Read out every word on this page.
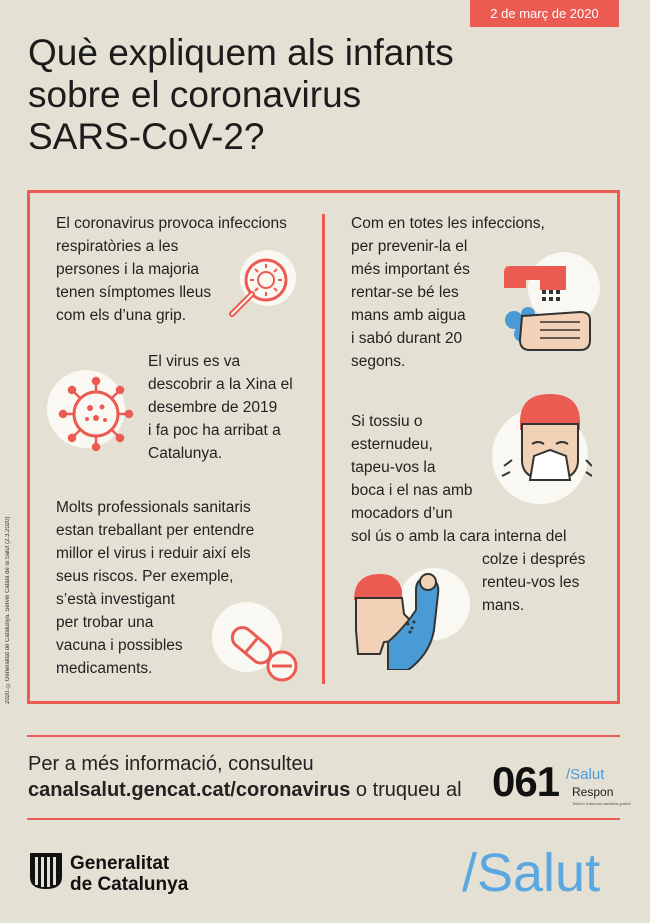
2 de març de 2020
Què expliquem als infants
sobre el coronavirus
SARS-CoV-2?
2020. ©Generalitat de Catalunya. Servei Català de la Salut (2.3.2020)
El coronavirus provoca infeccions
respiratòries a les
persones i la majoria
tenen símptomes lleus
com els d’una grip.
El virus es va
descobrir a la Xina el
desembre de 2019
i fa poc ha arribat a
Catalunya.
Molts professionals sanitaris
estan treballant per entendre
millor el virus i reduir així els
seus riscos. Per exemple,
s’està investigant
per trobar una
vacuna i possibles
medicaments.
Com en totes les infeccions,
per prevenir-la el
més important és
rentar-se bé les
mans amb aigua
i sabó durant 20
segons.
Si tossiu o
esternudeu,
tapeu-vos la
boca i el nas amb
mocadors d’un
sol ús o amb la cara interna del
colze i després
renteu-vos les
mans.
Per a més informació, consulteu
canalsalut.gencat.cat/coronavirus o truqueu al 061 /Salut
Respon
Telèfon d'atenció sanitària gratuït
Generalitat
de Catalunya	/Salut
